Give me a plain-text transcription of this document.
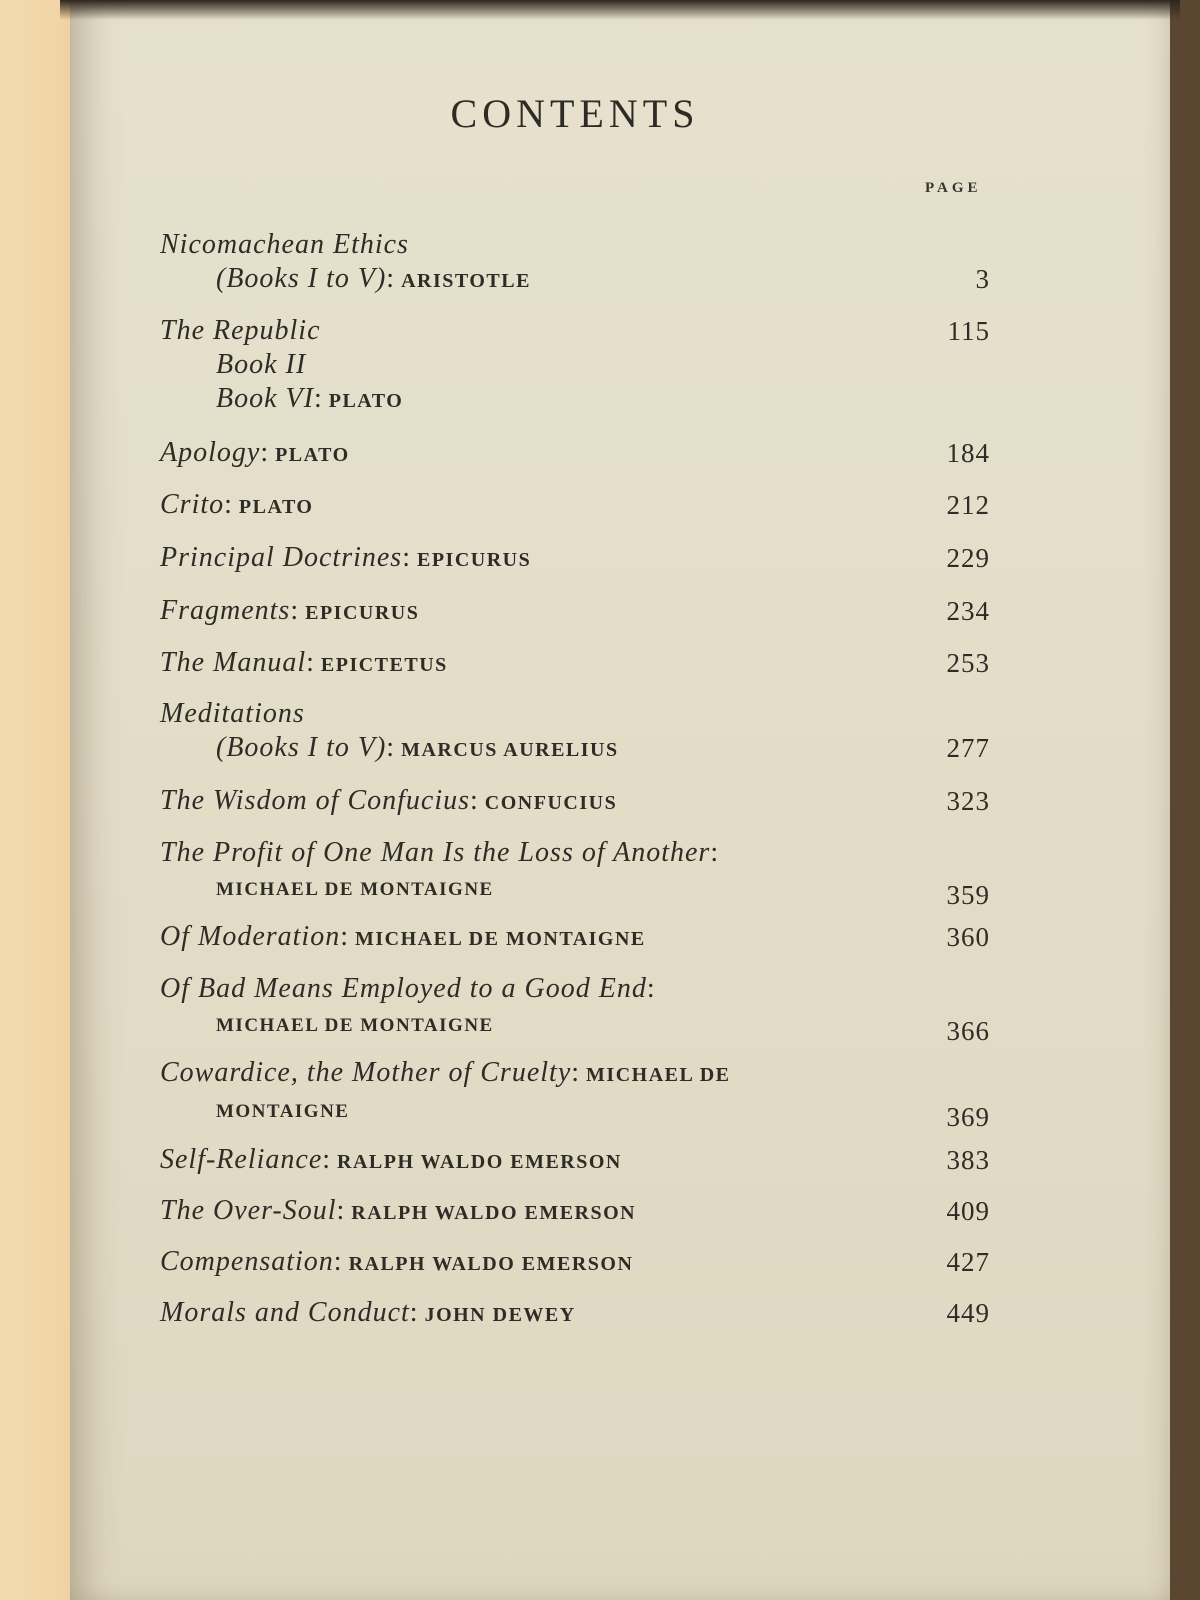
CONTENTS
PAGE
Nicomachean Ethics
(Books I to V): ARISTOTLE	3
The Republic	115
Book II
Book VI: PLATO
Apology: PLATO	184
Crito: PLATO	212
Principal Doctrines: EPICURUS	229
Fragments: EPICURUS	234
The Manual: EPICTETUS	253
Meditations
(Books I to V): MARCUS AURELIUS	277
The Wisdom of Confucius: CONFUCIUS	323
The Profit of One Man Is the Loss of Another:
MICHAEL DE MONTAIGNE	359
Of Moderation: MICHAEL DE MONTAIGNE	360
Of Bad Means Employed to a Good End:
MICHAEL DE MONTAIGNE	366
Cowardice, the Mother of Cruelty: MICHAEL DE
MONTAIGNE	369
Self-Reliance: RALPH WALDO EMERSON	383
The Over-Soul: RALPH WALDO EMERSON	409
Compensation: RALPH WALDO EMERSON	427
Morals and Conduct: JOHN DEWEY	449
